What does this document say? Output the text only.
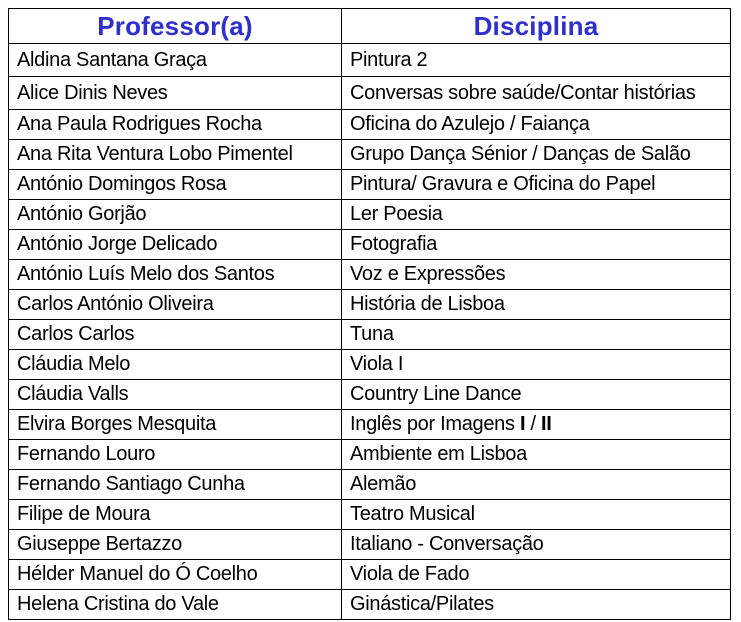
Professor(a)	Disciplina
Aldina Santana Graça	Pintura 2
Alice Dinis Neves	Conversas sobre saúde/Contar histórias
Ana Paula Rodrigues Rocha	Oficina do Azulejo / Faiança
Ana Rita Ventura Lobo Pimentel	Grupo Dança Sénior / Danças de Salão
António Domingos Rosa	Pintura/ Gravura e Oficina do Papel
António Gorjão	Ler Poesia
António Jorge Delicado	Fotografia
António Luís Melo dos Santos	Voz e Expressões
Carlos António Oliveira	História de Lisboa
Carlos Carlos	Tuna
Cláudia Melo	Viola I
Cláudia Valls	Country Line Dance
Elvira Borges Mesquita	Inglês por Imagens I / II
Fernando Louro	Ambiente em Lisboa
Fernando Santiago Cunha	Alemão
Filipe de Moura	Teatro Musical
Giuseppe Bertazzo	Italiano - Conversação
Hélder Manuel do Ó Coelho	Viola de Fado
Helena Cristina do Vale	Ginástica/Pilates
